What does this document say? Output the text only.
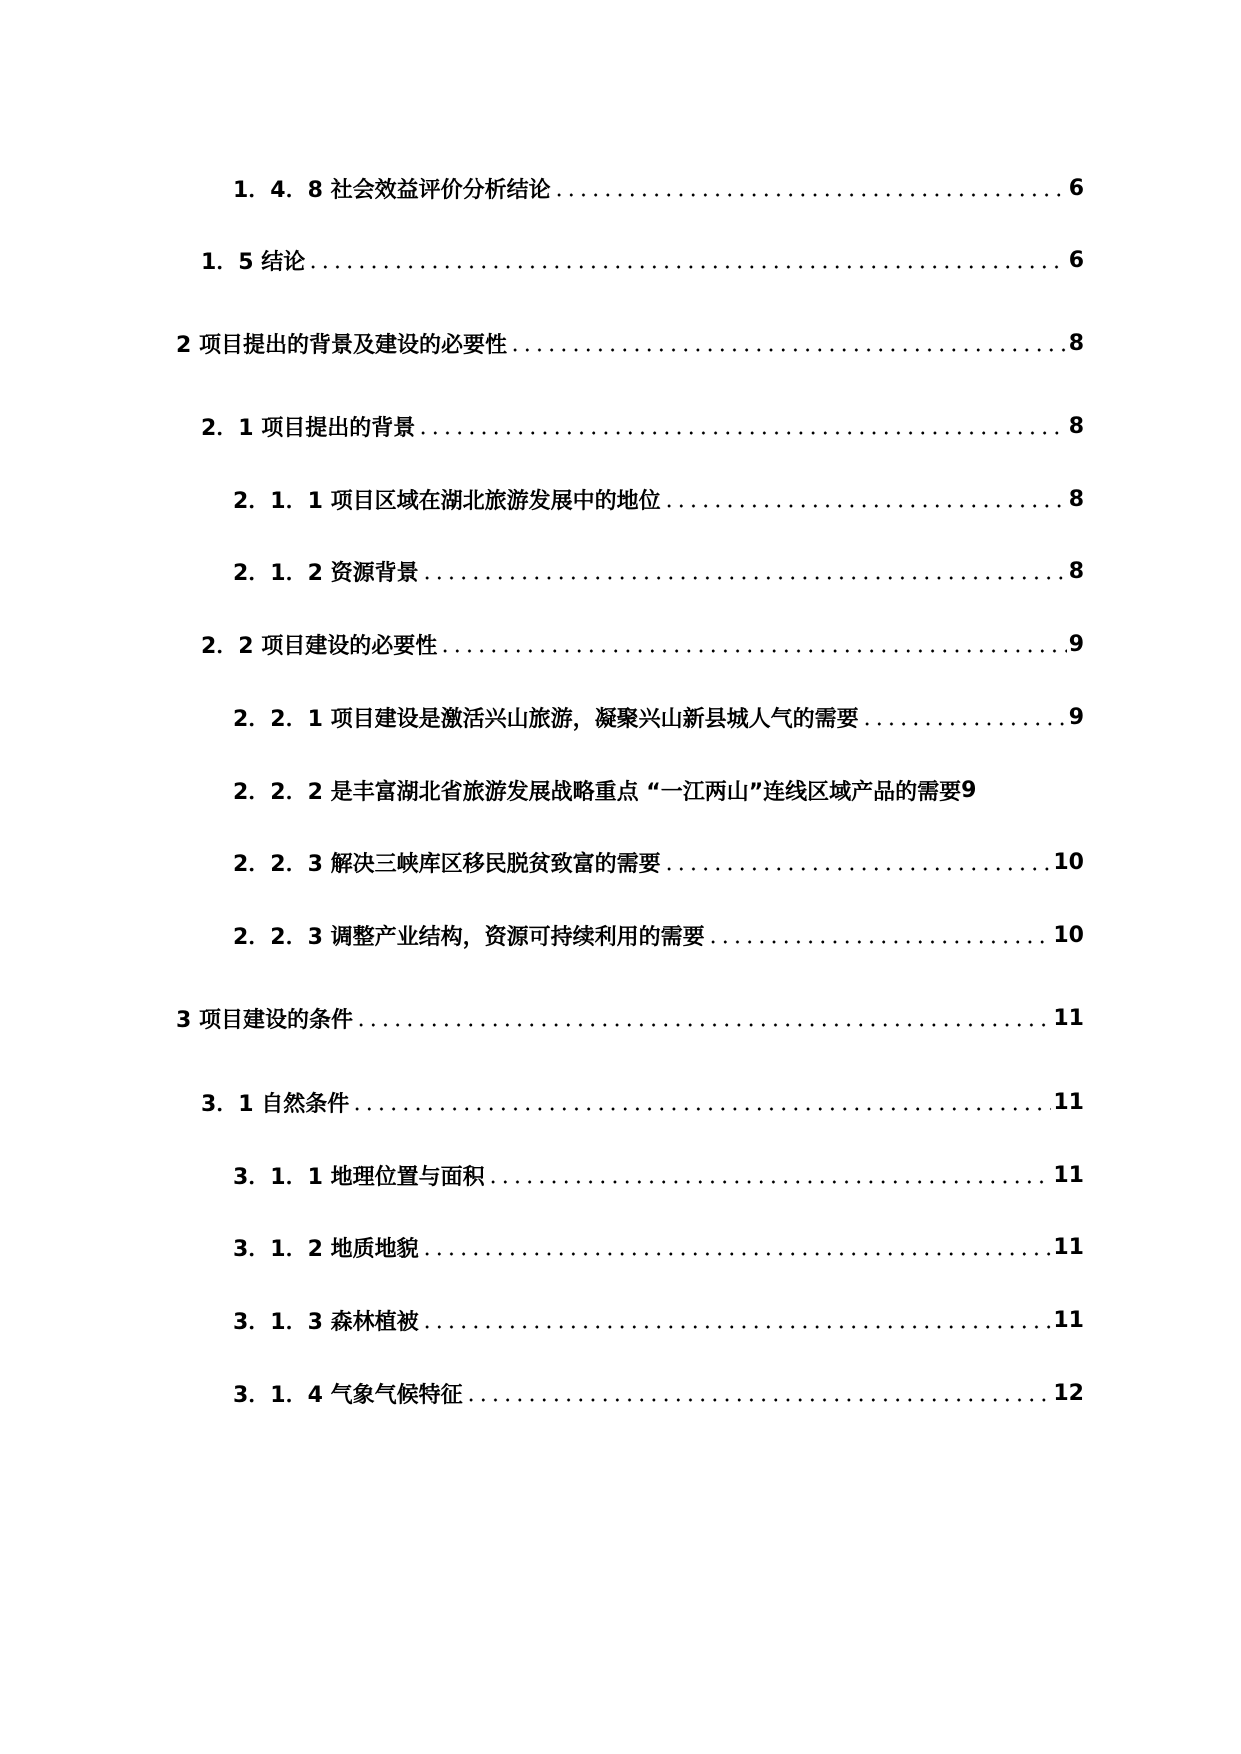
1．4．8 社会效益评价分析结论	6
1．5 结论	6
2 项目提出的背景及建设的必要性	8
2．1 项目提出的背景	8
2．1．1 项目区域在湖北旅游发展中的地位	8
2．1．2 资源背景	8
2．2 项目建设的必要性	9
2．2．1 项目建设是激活兴山旅游，凝聚兴山新县城人气的需要	9
2．2．2 是丰富湖北省旅游发展战略重点 “一江两山”连线区域产品的需要 9
2．2．3 解决三峡库区移民脱贫致富的需要	10
2．2．3 调整产业结构，资源可持续利用的需要	10
3 项目建设的条件	11
3．1 自然条件	11
3．1．1 地理位置与面积	11
3．1．2 地质地貌	11
3．1．3 森林植被	11
3．1．4 气象气候特征	12
